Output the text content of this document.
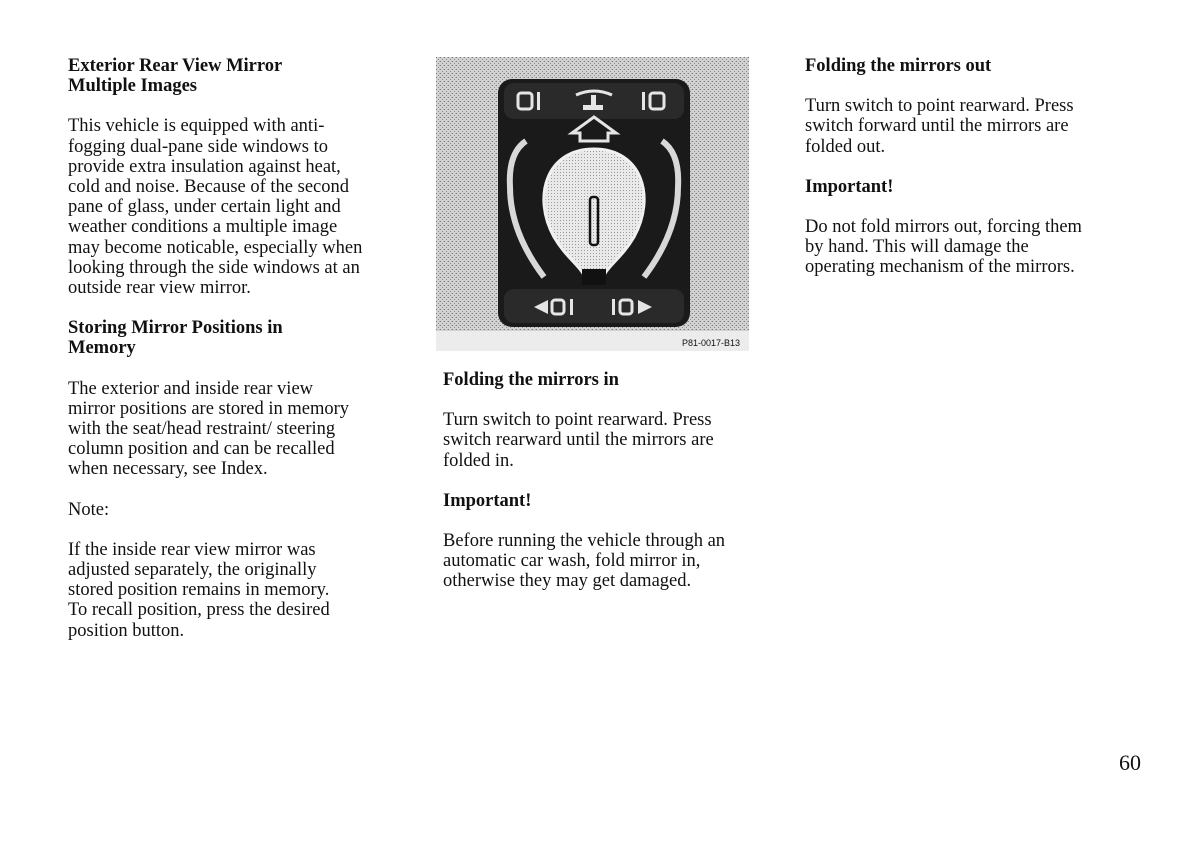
Exterior Rear View Mirror
Multiple Images
This vehicle is equipped with anti-
fogging dual-pane side windows to
provide extra insulation against heat,
cold and noise. Because of the second
pane of glass, under certain light and
weather conditions a multiple image
may become noticable, especially when
looking through the side windows at an
outside rear view mirror.
Storing Mirror Positions in
Memory
The exterior and inside rear view
mirror positions are stored in memory
with the seat/head restraint/ steering
column position and can be recalled
when necessary, see Index.
Note:
If the inside rear view mirror was
adjusted separately, the originally
stored position remains in memory.
To recall position, press the desired
position button.
P81-0017-B13
Folding the mirrors in
Turn switch to point rearward. Press
switch rearward until the mirrors are
folded in.
Important!
Before running the vehicle through an
automatic car wash, fold mirror in,
otherwise they may get damaged.
Folding the mirrors out
Turn switch to point rearward. Press
switch forward until the mirrors are
folded out.
Important!
Do not fold mirrors out, forcing them
by hand. This will damage the
operating mechanism of the mirrors.
60
